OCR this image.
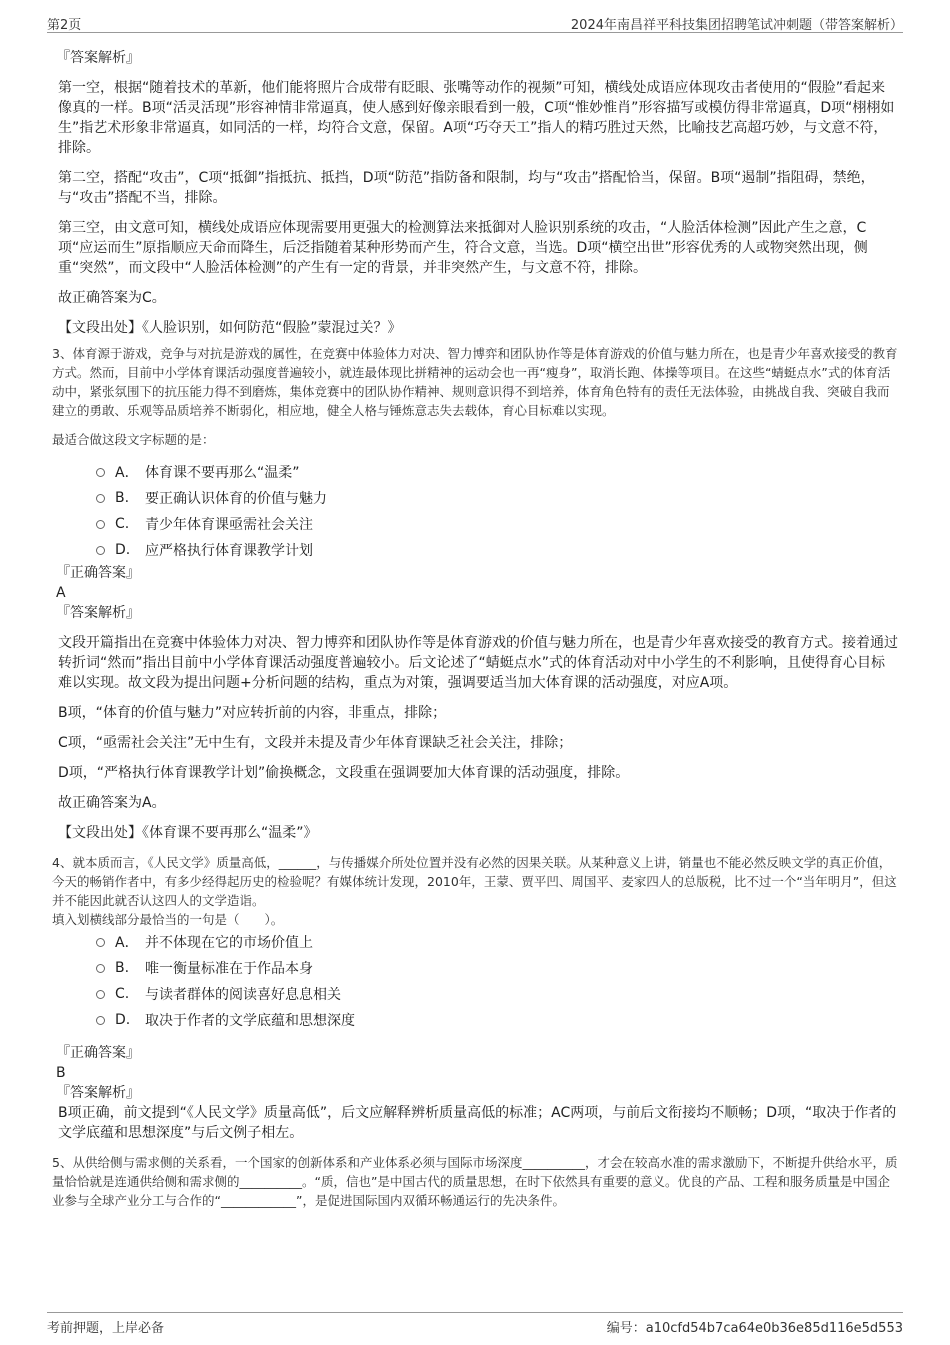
第2页	2024年南昌祥平科技集团招聘笔试冲刺题（带答案解析）
『答案解析』

第一空，根据“随着技术的革新，他们能将照片合成带有眨眼、张嘴等动作的视频”可知，横线处成语应体现攻击者使用的“假脸”看起来像真的一样。B项“活灵活现”形容神情非常逼真，使人感到好像亲眼看到一般，C项“惟妙惟肖”形容描写或模仿得非常逼真，D项“栩栩如生”指艺术形象非常逼真，如同活的一样，均符合文意，保留。A项“巧夺天工”指人的精巧胜过天然，比喻技艺高超巧妙，与文意不符，排除。

第二空，搭配“攻击”，C项“抵御”指抵抗、抵挡，D项“防范”指防备和限制，均与“攻击”搭配恰当，保留。B项“遏制”指阻碍，禁绝，与“攻击”搭配不当，排除。

第三空，由文意可知，横线处成语应体现需要用更强大的检测算法来抵御对人脸识别系统的攻击，“人脸活体检测”因此产生之意，C项“应运而生”原指顺应天命而降生，后泛指随着某种形势而产生，符合文意，当选。D项“横空出世”形容优秀的人或物突然出现，侧重“突然”，而文段中“人脸活体检测”的产生有一定的背景，并非突然产生，与文意不符，排除。

故正确答案为C。

【文段出处】《人脸识别，如何防范“假脸”蒙混过关？》

3、体育源于游戏，竞争与对抗是游戏的属性，在竞赛中体验体力对决、智力博弈和团队协作等是体育游戏的价值与魅力所在，也是青少年喜欢接受的教育方式。然而，目前中小学体育课活动强度普遍较小，就连最体现比拼精神的运动会也一再“瘦身”，取消长跑、体操等项目。在这些“蜻蜓点水”式的体育活动中，紧张氛围下的抗压能力得不到磨炼，集体竞赛中的团队协作精神、规则意识得不到培养，体育角色特有的责任无法体验，由挑战自我、突破自我而建立的勇敢、乐观等品质培养不断弱化，相应地，健全人格与锤炼意志失去载体，育心目标难以实现。

最适合做这段文字标题的是：

A． 体育课不要再那么“温柔”
B.	要正确认识体育的价值与魅力
C.	青少年体育课亟需社会关注
D.	应严格执行体育课教学计划
『正确答案』
A
『答案解析』

文段开篇指出在竞赛中体验体力对决、智力博弈和团队协作等是体育游戏的价值与魅力所在，也是青少年喜欢接受的教育方式。接着通过转折词“然而”指出目前中小学体育课活动强度普遍较小。后文论述了“蜻蜓点水”式的体育活动对中小学生的不利影响，且使得育心目标难以实现。故文段为提出问题+分析问题的结构，重点为对策，强调要适当加大体育课的活动强度，对应A项。

B项，“体育的价值与魅力”对应转折前的内容，非重点，排除；

C项，“亟需社会关注”无中生有，文段并未提及青少年体育课缺乏社会关注，排除；

D项，“严格执行体育课教学计划”偷换概念，文段重在强调要加大体育课的活动强度，排除。

故正确答案为A。

【文段出处】《体育课不要再那么“温柔”》

4、就本质而言，《人民文学》质量高低，______，与传播媒介所处位置并没有必然的因果关联。从某种意义上讲，销量也不能必然反映文学的真正价值，今天的畅销作者中，有多少经得起历史的检验呢？有媒体统计发现，2010年，王蒙、贾平凹、周国平、麦家四人的总版税，比不过一个“当年明月”，但这并不能因此就否认这四人的文学造诣。

填入划横线部分最恰当的一句是（　　）。

A． 并不体现在它的市场价值上
B.	唯一衡量标准在于作品本身
C.	与读者群体的阅读喜好息息相关
D.	取决于作者的文学底蕴和思想深度
『正确答案』
B
『答案解析』

B项正确，前文提到“《人民文学》质量高低”，后文应解释辨析质量高低的标准；AC两项，与前后文衔接均不顺畅；D项，“取决于作者的文学底蕴和思想深度”与后文例子相左。

5、从供给侧与需求侧的关系看，一个国家的创新体系和产业体系必须与国际市场深度__________，才会在较高水准的需求激励下，不断提升供给水平，质量恰恰就是连通供给侧和需求侧的__________。“质，信也”是中国古代的质量思想，在时下依然具有重要的意义。优良的产品、工程和服务质量是中国企业参与全球产业分工与合作的“____________”，是促进国际国内双循环畅通运行的先决条件。

考前押题，上岸必备	编号：a10cfd54b7ca64e0b36e85d116e5d553
